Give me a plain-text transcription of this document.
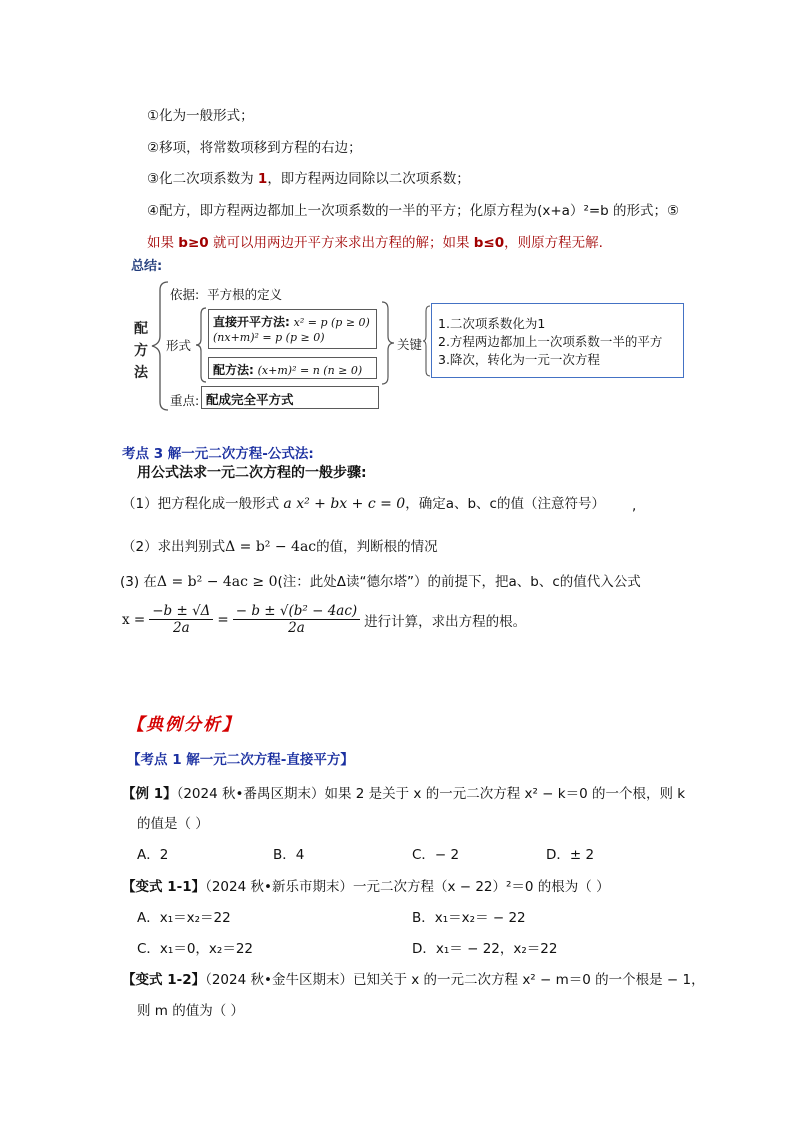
①化为一般形式；
②移项，将常数项移到方程的右边；
③化二次项系数为 1，即方程两边同除以二次项系数；
④配方，即方程两边都加上一次项系数的一半的平方；化原方程为(x+a）²=b 的形式；⑤
如果 b≥0 就可以用两边开平方来求出方程的解；如果 b≤0，则原方程无解.
总结:
配
方
法
依据: 平方根的定义
形式
直接开平方法: x² = p (p ≥ 0)
(nx+m)² = p (p ≥ 0)
配方法: (x+m)² = n (n ≥ 0)
重点: 配成完全平方式
关键
1.二次项系数化为1
2.方程两边都加上一次项系数一半的平方
3.降次，转化为一元一次方程
考点 3 解一元二次方程-公式法:
用公式法求一元二次方程的一般步骤:
（1）把方程化成一般形式 a x² + bx + c = 0，确定a、b、c的值（注意符号） ,
（2）求出判别式Δ = b² − 4ac的值，判断根的情况
(3) 在Δ = b² − 4ac ≥ 0(注：此处Δ读“德尔塔”）的前提下，把a、b、c的值代入公式
$x = \frac{-b \pm √\Delta}{2a} = \frac{\text{− b ± √(b² − 4ac)}}{2a}$ 进行计算，求出方程的根。
【典例分析】
【考点 1 解一元二次方程-直接平方】
【例 1】（2024 秋•番禺区期末）如果 2 是关于 x 的一元二次方程 x² − k＝0 的一个根，则 k
的值是（ ）
A．2	B．4	C．− 2	D．± 2
【变式 1-1】（2024 秋•新乐市期末）一元二次方程（x − 22）²＝0 的根为（ ）
A．x₁＝x₂＝22	B．x₁＝x₂＝ − 22
C．x₁＝0，x₂＝22	D．x₁＝ − 22，x₂＝22
【变式 1-2】（2024 秋•金牛区期末）已知关于 x 的一元二次方程 x² − m＝0 的一个根是 − 1，
则 m 的值为（ ）
